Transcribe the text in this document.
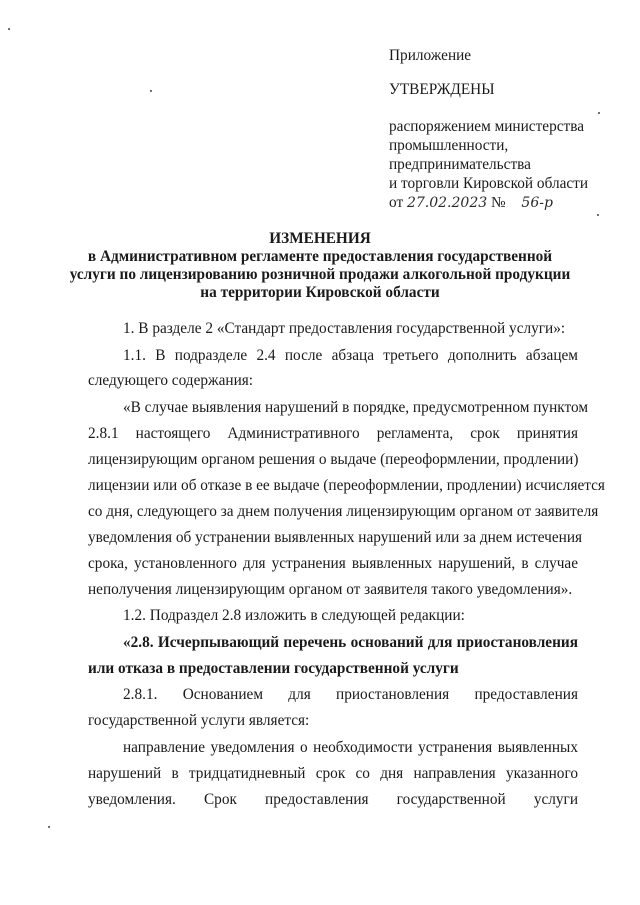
Приложение
УТВЕРЖДЕНЫ
распоряжением министерства
промышленности,
предпринимательства
и торговли Кировской области
от 27.02.2023 № 56-р
ИЗМЕНЕНИЯ
в Административном регламенте предоставления государственной
услуги по лицензированию розничной продажи алкогольной продукции
на территории Кировской области
1. В разделе 2 «Стандарт предоставления государственной услуги»:
1.1. В подразделе 2.4 после абзаца третьего дополнить абзацем
следующего содержания:
«В случае выявления нарушений в порядке, предусмотренном пунктом
2.8.1 настоящего Административного регламента, срок принятия
лицензирующим органом решения о выдаче (переоформлении, продлении)
лицензии или об отказе в ее выдаче (переоформлении, продлении) исчисляется
со дня, следующего за днем получения лицензирующим органом от заявителя
уведомления об устранении выявленных нарушений или за днем истечения
срока, установленного для устранения выявленных нарушений, в случае
неполучения лицензирующим органом от заявителя такого уведомления».
1.2. Подраздел 2.8 изложить в следующей редакции:
«2.8. Исчерпывающий перечень оснований для приостановления
или отказа в предоставлении государственной услуги
2.8.1. Основанием для приостановления предоставления
государственной услуги является:
направление уведомления о необходимости устранения выявленных
нарушений в тридцатидневный срок со дня направления указанного
уведомления. Срок предоставления государственной услуги
